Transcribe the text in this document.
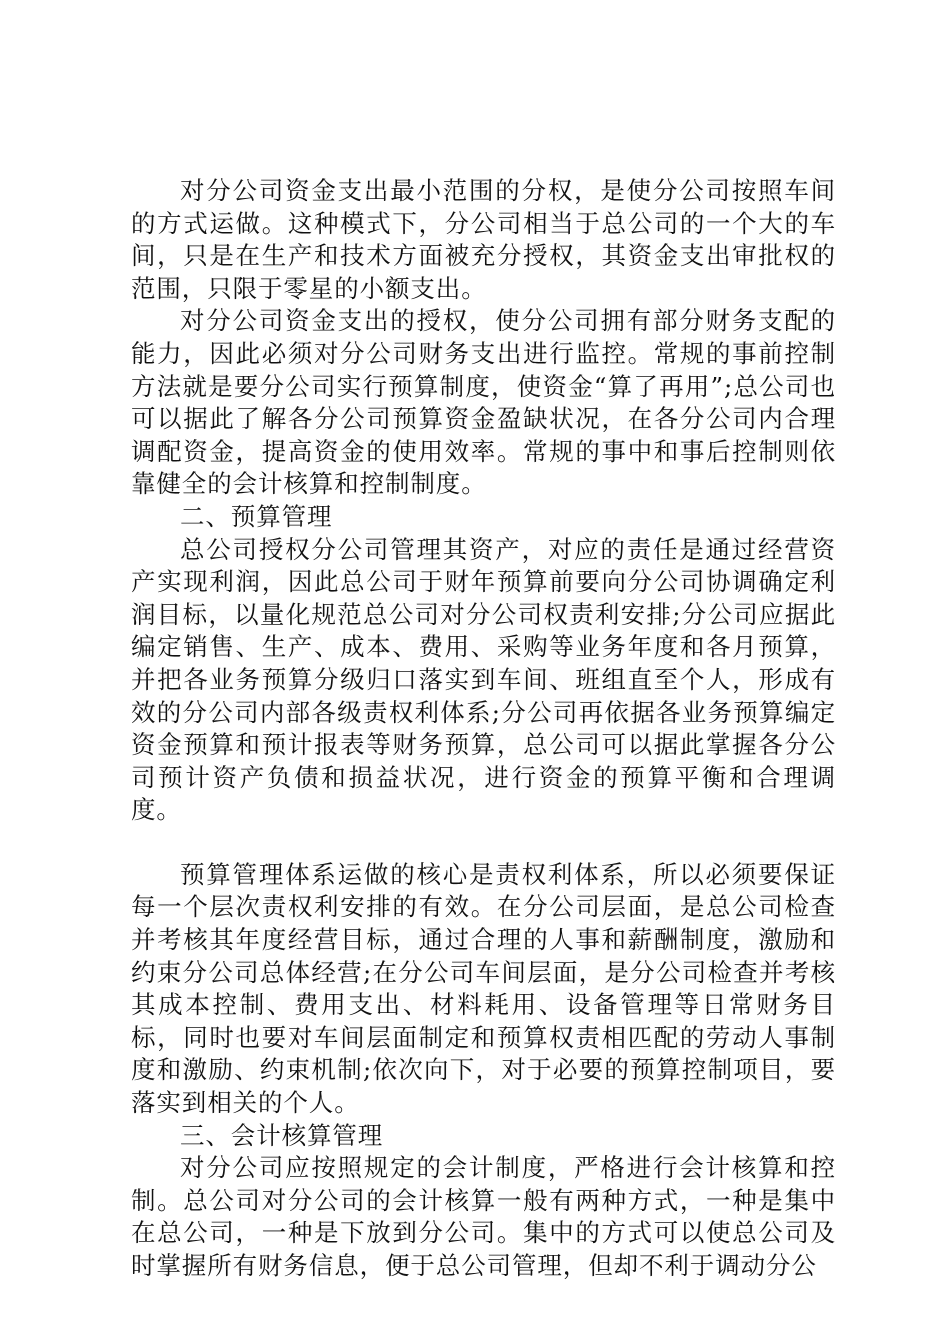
对分公司资金支出最小范围的分权，是使分公司按照车间的方式运做。这种模式下，分公司相当于总公司的一个大的车间，只是在生产和技术方面被充分授权，其资金支出审批权的范围，只限于零星的小额支出。

对分公司资金支出的授权，使分公司拥有部分财务支配的能力，因此必须对分公司财务支出进行监控。常规的事前控制方法就是要分公司实行预算制度，使资金“算了再用”;总公司也可以据此了解各分公司预算资金盈缺状况，在各分公司内合理调配资金，提高资金的使用效率。常规的事中和事后控制则依靠健全的会计核算和控制制度。

二、预算管理

总公司授权分公司管理其资产，对应的责任是通过经营资产实现利润，因此总公司于财年预算前要向分公司协调确定利润目标，以量化规范总公司对分公司权责利安排;分公司应据此编定销售、生产、成本、费用、采购等业务年度和各月预算，并把各业务预算分级归口落实到车间、班组直至个人，形成有效的分公司内部各级责权利体系;分公司再依据各业务预算编定资金预算和预计报表等财务预算，总公司可以据此掌握各分公司预计资产负债和损益状况，进行资金的预算平衡和合理调度。

预算管理体系运做的核心是责权利体系，所以必须要保证每一个层次责权利安排的有效。在分公司层面，是总公司检查并考核其年度经营目标，通过合理的人事和薪酬制度，激励和约束分公司总体经营;在分公司车间层面，是分公司检查并考核其成本控制、费用支出、材料耗用、设备管理等日常财务目标，同时也要对车间层面制定和预算权责相匹配的劳动人事制度和激励、约束机制;依次向下，对于必要的预算控制项目，要落实到相关的个人。

三、会计核算管理

对分公司应按照规定的会计制度，严格进行会计核算和控制。总公司对分公司的会计核算一般有两种方式，一种是集中在总公司，一种是下放到分公司。集中的方式可以使总公司及时掌握所有财务信息，便于总公司管理，但却不利于调动分公
